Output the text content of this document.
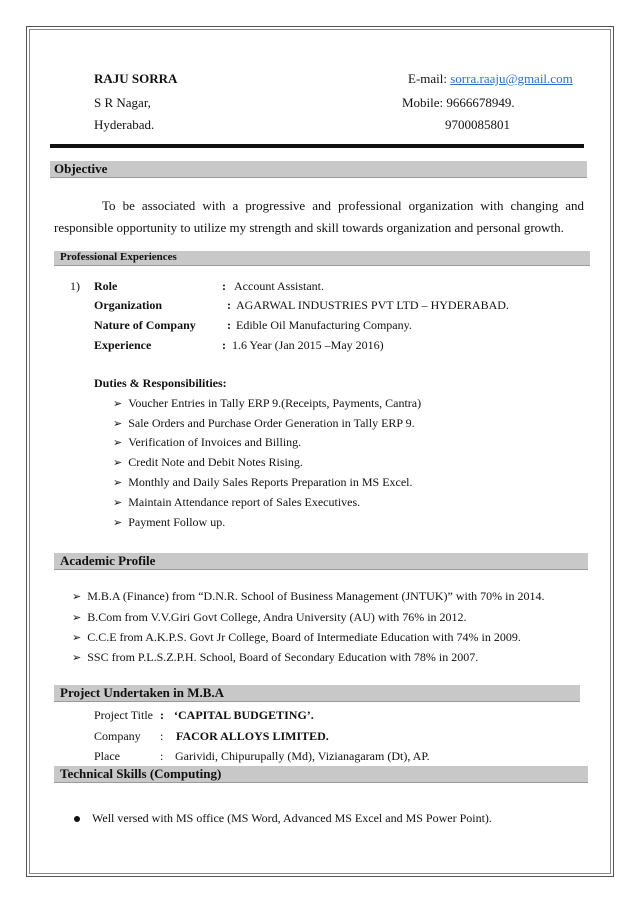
RAJU SORRA
S R Nagar,
Hyderabad.
E-mail: sorra.raaju@gmail.com
Mobile: 9666678949.
9700085801
Objective
To be associated with a progressive and professional organization with changing and
responsible opportunity to utilize my strength and skill towards organization and personal growth.
Professional Experiences
1) Role	: Account Assistant.
Organization	: AGARWAL INDUSTRIES PVT LTD – HYDERABAD.
Nature of Company	: Edible Oil Manufacturing Company.
Experience	: 1.6 Year (Jan 2015 –May 2016)
Duties & Responsibilities:
➢ Voucher Entries in Tally ERP 9.(Receipts, Payments, Cantra)
➢ Sale Orders and Purchase Order Generation in Tally ERP 9.
➢ Verification of Invoices and Billing.
➢ Credit Note and Debit Notes Rising.
➢ Monthly and Daily Sales Reports Preparation in MS Excel.
➢ Maintain Attendance report of Sales Executives.
➢ Payment Follow up.
Academic Profile
➢ M.B.A (Finance) from “D.N.R. School of Business Management (JNTUK)” with 70% in 2014.
➢ B.Com from V.V.Giri Govt College, Andra University (AU) with 76% in 2012.
➢ C.C.E from A.K.P.S. Govt Jr College, Board of Intermediate Education with 74% in 2009.
➢ SSC from P.L.S.Z.P.H. School, Board of Secondary Education with 78% in 2007.
Project Undertaken in M.B.A
Project Title : ‘CAPITAL BUDGETING’.
Company : FACOR ALLOYS LIMITED.
Place	: Garividi, Chipurupally (Md), Vizianagaram (Dt), AP.
Technical Skills (Computing)
Well versed with MS office (MS Word, Advanced MS Excel and MS Power Point).
